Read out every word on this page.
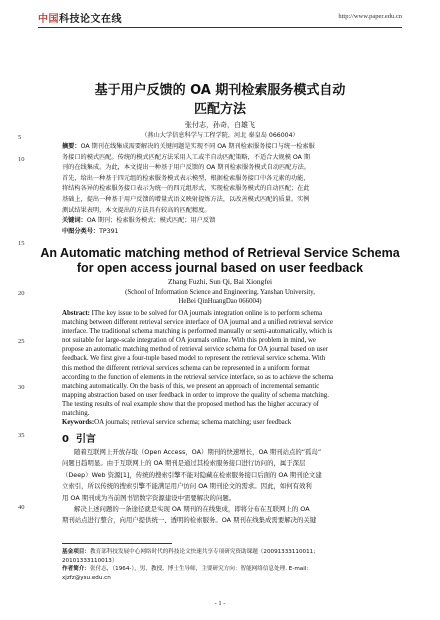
中国科技论文在线	http://www.paper.edu.cn
基于用户反馈的 OA 期刊检索服务模式自动
匹配方法
张付志，孙奇，白雄飞
（燕山大学信息科学与工程学院，河北 秦皇岛 066004）
摘要：OA 期刊在线集成需要解决的关键问题是实现不同 OA 期刊检索服务接口与统一检索服
务接口的模式匹配。传统的模式匹配方法采用人工或半自动匹配策略，不适合大规模 OA 期
刊的在线集成。为此，本文提出一种基于用户反馈的 OA 期刊检索服务模式自动匹配方法。
首先，给出一种基于四元组的检索服务模式表示模型，根据检索服务接口中各元素的功能，
将结构各异的检索服务接口表示为统一的四元组形式，实现检索服务模式的自动匹配；在此
基础上，提出一种基于用户反馈的增量式语义映射提炼方法，以改善模式匹配的质量。实例
测试结果表明，本文提出的方法具有较高的匹配精度。
关键词：OA 期刊；检索服务模式；模式匹配；用户反馈
中图分类号：TP391
An Automatic matching method of Retrieval Service Schema
for open access journal based on user feedback
Zhang Fuzhi, Sun Qi, Bai Xiongfei
(School of Information Science and Engineering, Yanshan University,
HeBei QinHuangDao 066004)
Abstract: IThe key issue to be solved for OA journals integration online is to perform schema
matching between different retrieval service interface of OA journal and a unified retrieval service
interface. The traditional schema matching is performed manually or semi-automatically, which is
not suitable for large-scale integration of OA journals online. With this problem in mind, we
propose an automatic matching method of retrieval service schema for OA journal based on user
feedback. We first give a four-tuple based model to represent the retrieval service schema. With
this method the different retrieval services schema can be represented in a uniform format
according to the function of elements in the retrieval service interface, so as to achieve the schema
matching automatically. On the basis of this, we present an approach of incremental semantic
mapping abstraction based on user feedback in order to improve the quality of schema matching.
The testing results of real example show that the proposed method has the higher accuracy of
matching.
Keywords:OA journals; retrieval service schema; schema matching; user feedback
0 引言
随着互联网上开放存取（Open Access，OA）期刊的快速增长，OA 期刊站点的“孤岛”
问题日趋明显。由于互联网上的 OA 期刊是通过其检索服务接口进行访问的，属于深层
（Deep）Web 资源[1]，传统的搜索引擎不能对隐藏在检索服务接口后面的 OA 期刊论文建
立索引，所以传统的搜索引擎不能满足用户访问 OA 期刊论文的需求。因此，如何有效利
用 OA 期刊成为当前图书馆数字资源建设中需要解决的问题。
解决上述问题的一条途径就是实现 OA 期刊的在线集成，即将分布在互联网上的 OA
期刊站点进行整合，向用户提供统一、透明的检索服务。OA 期刊在线集成需要解决的关键
基金项目：教育部科技发展中心网络时代的科技论文快速共享专项研究资助课题（20091333110011；
20101333110013）
作者简介：张付志，（1964-），男，教授，博士生导师，主要研究方向：智能网络信息处理. E-mail:
xjzfz@ysu.edu.cn
5
10
15
20
25
30
35
40
- 1 -
